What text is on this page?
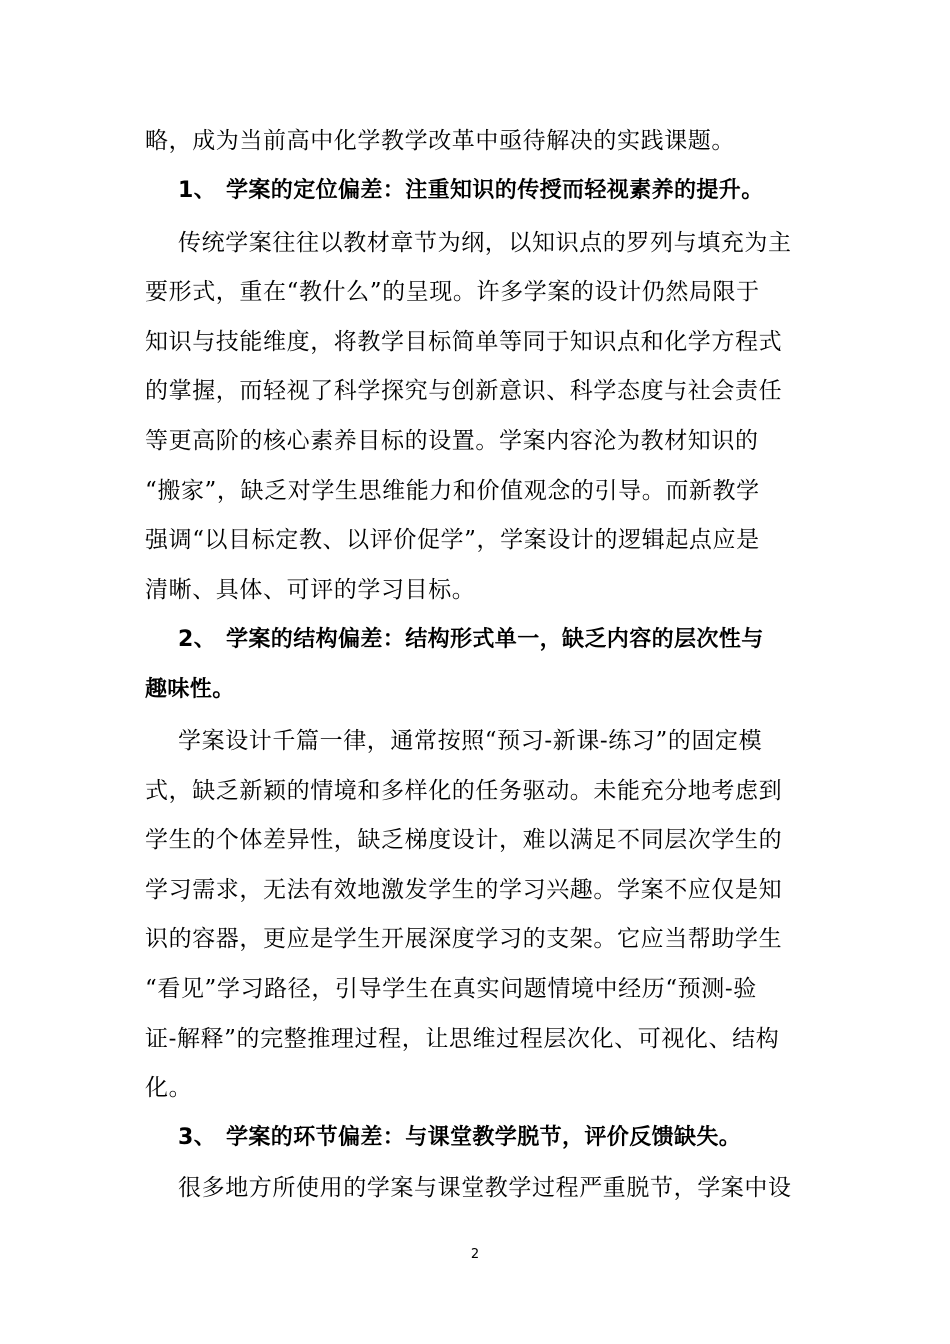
略，成为当前高中化学教学改革中亟待解决的实践课题。
1、 学案的定位偏差：注重知识的传授而轻视素养的提升。
传统学案往往以教材章节为纲，以知识点的罗列与填充为主
要形式，重在“教什么”的呈现。许多学案的设计仍然局限于
知识与技能维度，将教学目标简单等同于知识点和化学方程式
的掌握，而轻视了科学探究与创新意识、科学态度与社会责任
等更高阶的核心素养目标的设置。学案内容沦为教材知识的
“搬家”，缺乏对学生思维能力和价值观念的引导。而新教学
强调“以目标定教、以评价促学”，学案设计的逻辑起点应是
清晰、具体、可评的学习目标。
2、 学案的结构偏差：结构形式单一，缺乏内容的层次性与
趣味性。
学案设计千篇一律，通常按照“预习-新课-练习”的固定模
式，缺乏新颖的情境和多样化的任务驱动。未能充分地考虑到
学生的个体差异性，缺乏梯度设计，难以满足不同层次学生的
学习需求，无法有效地激发学生的学习兴趣。学案不应仅是知
识的容器，更应是学生开展深度学习的支架。它应当帮助学生
“看见”学习路径，引导学生在真实问题情境中经历“预测-验
证-解释”的完整推理过程，让思维过程层次化、可视化、结构
化。
3、 学案的环节偏差：与课堂教学脱节，评价反馈缺失。
很多地方所使用的学案与课堂教学过程严重脱节，学案中设
2
